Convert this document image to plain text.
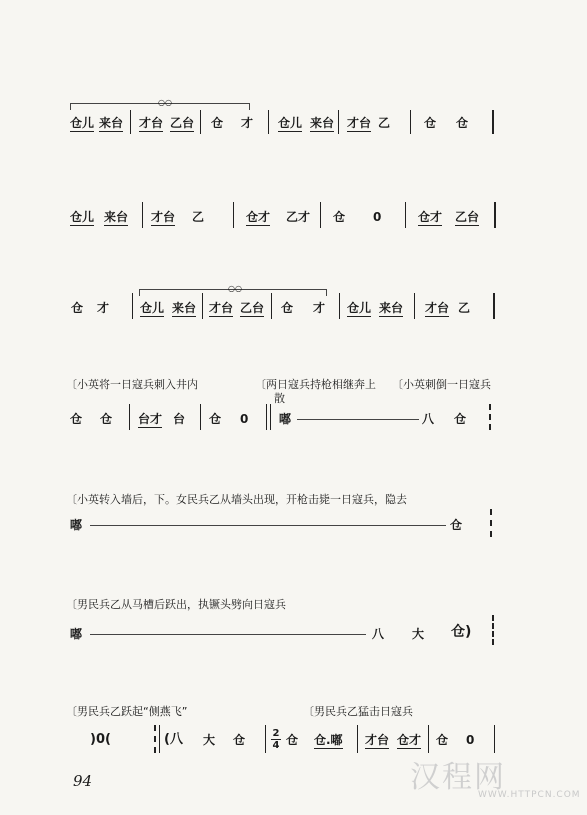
○○
仓儿 来台 才台 乙台 仓 才 仓儿 来台 才台 乙	仓 仓
仓儿 来台 才台 乙	仓才 乙才 仓 0	仓才 乙台
○○
仓 才	仓儿 来台 才台 乙台 仓 才 仓儿 来台 才台 乙
〔小英将一日寇兵刺入井内	〔两日寇兵持枪相继奔上 〔小英刺倒一日寇兵
散
仓 仓 台才 台 仓 0	嘟	八 仓
〔小英转入墙后，下。女民兵乙从墙头出现，开枪击毙一日寇兵，隐去
嘟	仓
〔男民兵乙从马槽后跃出，执镢头劈向日寇兵
嘟	八 大 仓)
〔男民兵乙跃起“侧燕飞”	〔男民兵乙猛击日寇兵
)0(	(八 大 仓	2
4 仓 仓.嘟 才台 仓才 仓 0
94	汉程网
WWW.HTTPCN.COM
